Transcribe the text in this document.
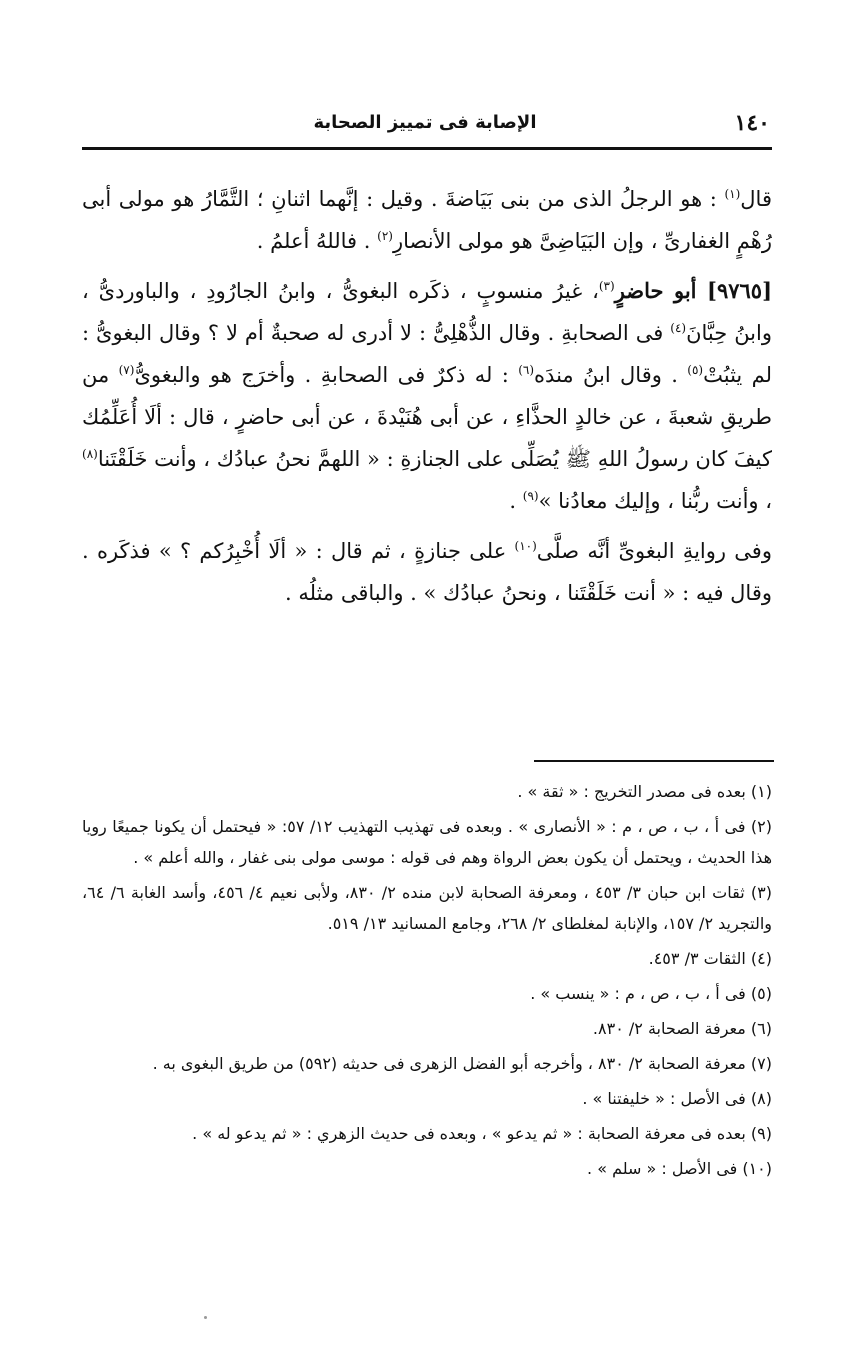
١٤٠
الإصابة فى تمييز الصحابة

قال$^{(١)}$ : هو الرجلُ الذى من بنى بَيَاضةَ . وقيل : إنَّهما اثنانِ ؛ التَّمَّارُ هو مولى أبى رُهْمٍ الغفارىِّ ، وإن البَيَاضِىَّ هو مولى الأنصارِ$^{(٢)}$ . فاللهُ أعلمُ .

[٩٧٦٥] أبو حاضرٍ$^{(٣)}$، غيرُ منسوبٍ ، ذكَره البغوىُّ ، وابنُ الجارُودِ ، والباوردىُّ ، وابنُ حِبَّانَ$^{(٤)}$ فى الصحابةِ . وقال الذُّهْلِىُّ : لا أدرى له صحبةٌ أم لا ؟ وقال البغوىُّ : لم يثبُتْ$^{(٥)}$ . وقال ابنُ مندَه$^{(٦)}$ : له ذكرٌ فى الصحابةِ . وأخرَج هو والبغوىُّ$^{(٧)}$ من طريقِ شعبةَ ، عن خالدٍ الحذَّاءِ ، عن أبى هُنَيْدةَ ، عن أبى حاضرٍ ، قال : ألَا أُعَلِّمُك كيفَ كان رسولُ اللهِ ﷺ يُصَلِّى على الجنازةِ : « اللهمَّ نحنُ عبادُك ، وأنت خَلَقْتَنا$^{(٨)}$ ، وأنت ربُّنا ، وإليك معادُنا »$^{(٩)}$ .

وفى روايةِ البغوىِّ أنَّه صلَّى$^{(١٠)}$ على جنازةٍ ، ثم قال : « ألَا أُخْبِرُكم ؟ » فذكَره . وقال فيه : « أنت خَلَقْتَنا ، ونحنُ عبادُك » . والباقى مثلُه .

(١) بعده فى مصدر التخريج : « ثقة » .
(٢) فى أ ، ب ، ص ، م : « الأنصارى » . وبعده فى تهذيب التهذيب ١٢/ ٥٧: « فيحتمل أن يكونا جميعًا رويا هذا الحديث ، ويحتمل أن يكون بعض الرواة وهم فى قوله : موسى مولى بنى غفار ، والله أعلم » .
(٣) ثقات ابن حبان ٣/ ٤٥٣ ، ومعرفة الصحابة لابن منده ٢/ ٨٣٠، ولأبى نعيم ٤/ ٤٥٦، وأسد الغابة ٦/ ٦٤، والتجريد ٢/ ١٥٧، والإنابة لمغلطاى ٢/ ٢٦٨، وجامع المسانيد ١٣/ ٥١٩.
(٤) الثقات ٣/ ٤٥٣.
(٥) فى أ ، ب ، ص ، م : « ينسب » .
(٦) معرفة الصحابة ٢/ ٨٣٠.
(٧) معرفة الصحابة ٢/ ٨٣٠ ، وأخرجه أبو الفضل الزهرى فى حديثه (٥٩٢) من طريق البغوى به .
(٨) فى الأصل : « خليفتنا » .
(٩) بعده فى معرفة الصحابة : « ثم يدعو » ، وبعده فى حديث الزهري : « ثم يدعو له » .
(١٠) فى الأصل : « سلم » .
